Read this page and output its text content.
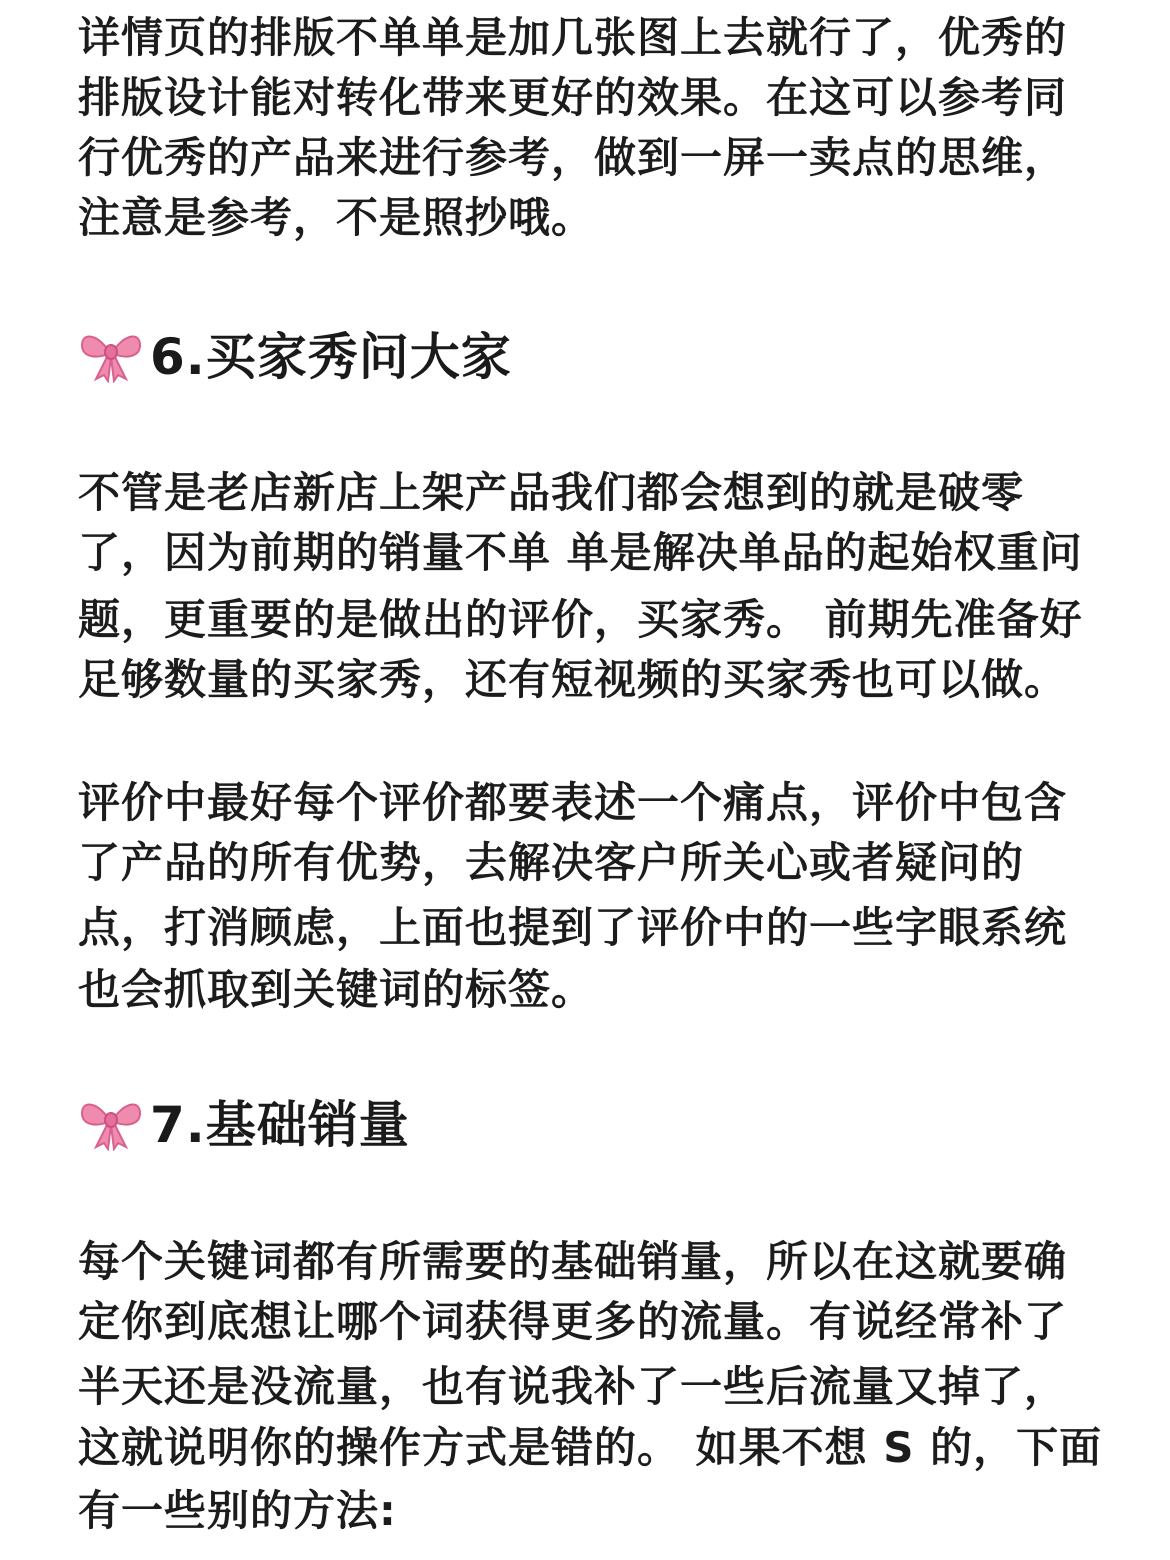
详情页的排版不单单是加几张图上去就行了，优秀的
排版设计能对转化带来更好的效果。在这可以参考同
行优秀的产品来进行参考，做到一屏一卖点的思维，
注意是参考，不是照抄哦。
6.买家秀问大家
不管是老店新店上架产品我们都会想到的就是破零
了，因为前期的销量不单 单是解决单品的起始权重问
题，更重要的是做出的评价，买家秀。 前期先准备好
足够数量的买家秀，还有短视频的买家秀也可以做。
评价中最好每个评价都要表述一个痛点，评价中包含
了产品的所有优势，去解决客户所关心或者疑问的
点，打消顾虑，上面也提到了评价中的一些字眼系统
也会抓取到关键词的标签。
7.基础销量
每个关键词都有所需要的基础销量，所以在这就要确
定你到底想让哪个词获得更多的流量。有说经常补了
半天还是没流量，也有说我补了一些后流量又掉了，
这就说明你的操作方式是错的。 如果不想 S 的，下面
有一些别的方法:
